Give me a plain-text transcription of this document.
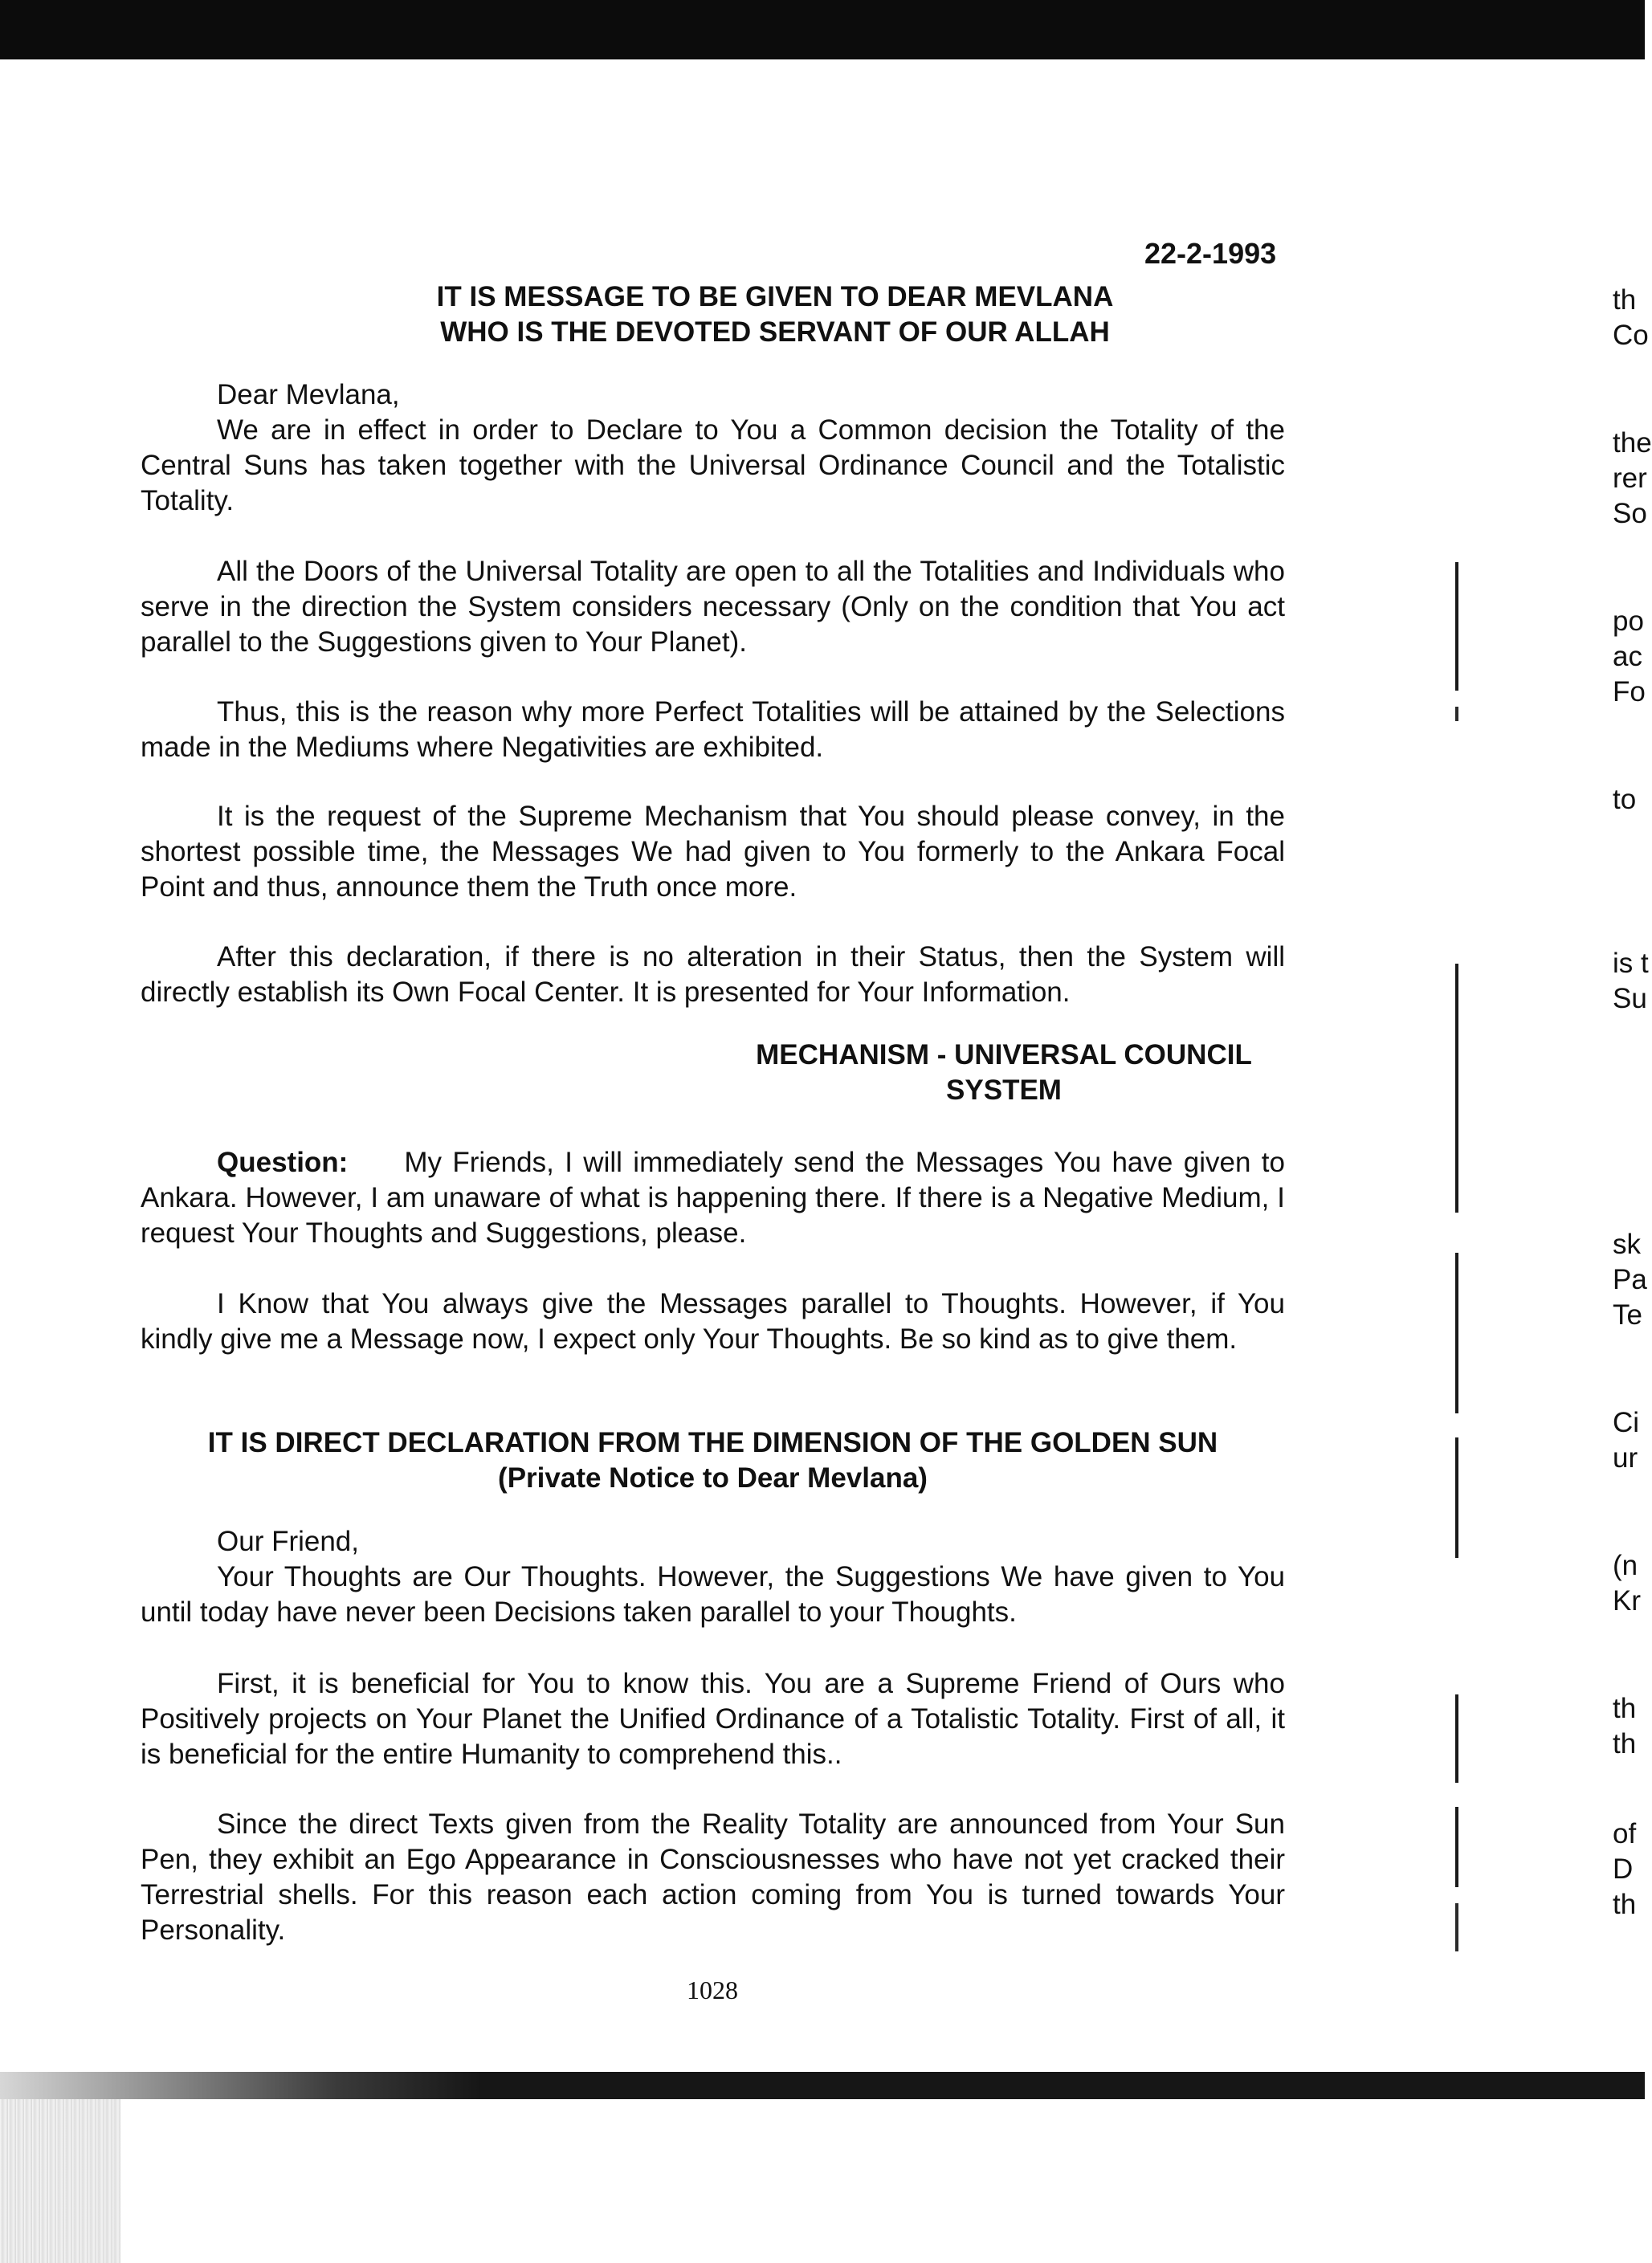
22-2-1993
IT IS MESSAGE TO BE GIVEN TO DEAR MEVLANA
WHO IS THE DEVOTED SERVANT OF OUR ALLAH

Dear Mevlana,

We are in effect in order to Declare to You a Common decision the Totality of the Central Suns has taken together with the Universal Ordinance Council and the Totalistic Totality.

All the Doors of the Universal Totality are open to all the Totalities and Individuals who serve in the direction the System considers necessary (Only on the condition that You act parallel to the Suggestions given to Your Planet).

Thus, this is the reason why more Perfect Totalities will be attained by the Selections made in the Mediums where Negativities are exhibited.

It is the request of the Supreme Mechanism that You should please convey, in the shortest possible time, the Messages We had given to You formerly to the Ankara Focal Point and thus, announce them the Truth once more.

After this declaration, if there is no alteration in their Status, then the System will directly establish its Own Focal Center. It is presented for Your Information.

MECHANISM - UNIVERSAL COUNCIL
SYSTEM

Question: My Friends, I will immediately send the Messages You have given to Ankara. However, I am unaware of what is happening there. If there is a Negative Medium, I request Your Thoughts and Suggestions, please.

I Know that You always give the Messages parallel to Thoughts. However, if You kindly give me a Message now, I expect only Your Thoughts. Be so kind as to give them.

IT IS DIRECT DECLARATION FROM THE DIMENSION OF THE GOLDEN SUN
(Private Notice to Dear Mevlana)

Our Friend,

Your Thoughts are Our Thoughts. However, the Suggestions We have given to You until today have never been Decisions taken parallel to your Thoughts.

First, it is beneficial for You to know this. You are a Supreme Friend of Ours who Positively projects on Your Planet the Unified Ordinance of a Totalistic Totality. First of all, it is beneficial for the entire Humanity to comprehend this..

Since the direct Texts given from the Reality Totality are announced from Your Sun Pen, they exhibit an Ego Appearance in Consciousnesses who have not yet cracked their Terrestrial shells. For this reason each action coming from You is turned towards Your Personality.

1028
th
Co
the
rer
So
po
ac
Fo
to
is t
Su
sk
Pa
Te
Ci
ur
(n
Kr
th
th
of
D
th
